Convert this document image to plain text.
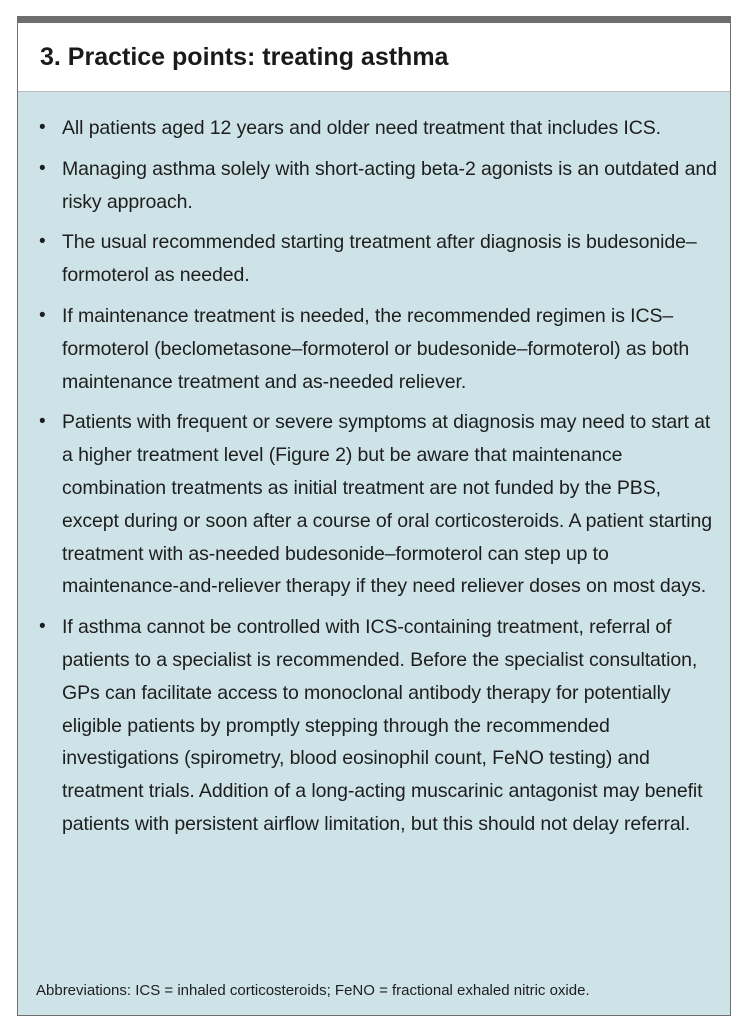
3. Practice points: treating asthma
• All patients aged 12 years and older need treatment that includes ICS.
• Managing asthma solely with short-acting beta-2 agonists is an outdated and risky approach.
• The usual recommended starting treatment after diagnosis is budesonide–formoterol as needed.
• If maintenance treatment is needed, the recommended regimen is ICS–formoterol (beclometasone–formoterol or budesonide–formoterol) as both maintenance treatment and as-needed reliever.
• Patients with frequent or severe symptoms at diagnosis may need to start at a higher treatment level (Figure 2) but be aware that maintenance combination treatments as initial treatment are not funded by the PBS, except during or soon after a course of oral corticosteroids. A patient starting treatment with as-needed budesonide–formoterol can step up to maintenance-and-reliever therapy if they need reliever doses on most days.
• If asthma cannot be controlled with ICS-containing treatment, referral of patients to a specialist is recommended. Before the specialist consultation, GPs can facilitate access to monoclonal antibody therapy for potentially eligible patients by promptly stepping through the recommended investigations (spirometry, blood eosinophil count, FeNO testing) and treatment trials. Addition of a long-acting muscarinic antagonist may benefit patients with persistent airflow limitation, but this should not delay referral.
Abbreviations: ICS = inhaled corticosteroids; FeNO = fractional exhaled nitric oxide.
